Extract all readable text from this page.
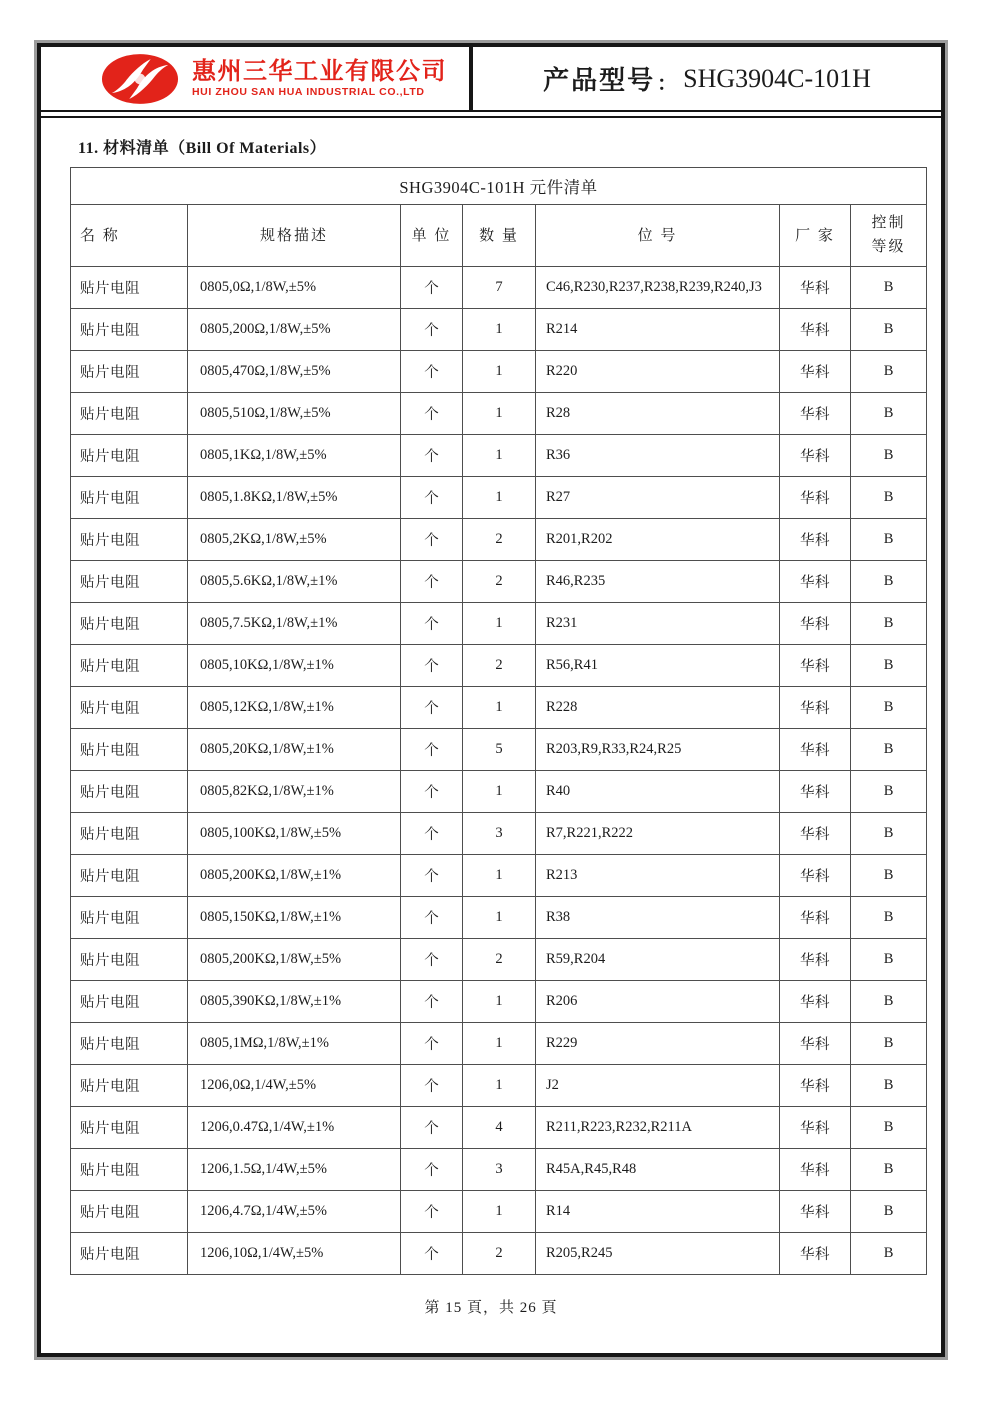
惠州三华工业有限公司
HUI ZHOU SAN HUA INDUSTRIAL CO.,LTD	产品型号 ： SHG3904C-101H
11. 材料清单（Bill Of Materials）
SHG3904C-101H 元件清单						
名 称	规格描述	单 位	数 量	位 号	厂 家	控制等级
贴片电阻	0805,0Ω,1/8W,±5%	个	7	C46,R230,R237,R238,R239,R240,J3	华科	B
贴片电阻	0805,200Ω,1/8W,±5%	个	1	R214	华科	B
贴片电阻	0805,470Ω,1/8W,±5%	个	1	R220	华科	B
贴片电阻	0805,510Ω,1/8W,±5%	个	1	R28	华科	B
贴片电阻	0805,1KΩ,1/8W,±5%	个	1	R36	华科	B
贴片电阻	0805,1.8KΩ,1/8W,±5%	个	1	R27	华科	B
贴片电阻	0805,2KΩ,1/8W,±5%	个	2	R201,R202	华科	B
贴片电阻	0805,5.6KΩ,1/8W,±1%	个	2	R46,R235	华科	B
贴片电阻	0805,7.5KΩ,1/8W,±1%	个	1	R231	华科	B
贴片电阻	0805,10KΩ,1/8W,±1%	个	2	R56,R41	华科	B
贴片电阻	0805,12KΩ,1/8W,±1%	个	1	R228	华科	B
贴片电阻	0805,20KΩ,1/8W,±1%	个	5	R203,R9,R33,R24,R25	华科	B
贴片电阻	0805,82KΩ,1/8W,±1%	个	1	R40	华科	B
贴片电阻	0805,100KΩ,1/8W,±5%	个	3	R7,R221,R222	华科	B
贴片电阻	0805,200KΩ,1/8W,±1%	个	1	R213	华科	B
贴片电阻	0805,150KΩ,1/8W,±1%	个	1	R38	华科	B
贴片电阻	0805,200KΩ,1/8W,±5%	个	2	R59,R204	华科	B
贴片电阻	0805,390KΩ,1/8W,±1%	个	1	R206	华科	B
贴片电阻	0805,1MΩ,1/8W,±1%	个	1	R229	华科	B
贴片电阻	1206,0Ω,1/4W,±5%	个	1	J2	华科	B
贴片电阻	1206,0.47Ω,1/4W,±1%	个	4	R211,R223,R232,R211A	华科	B
贴片电阻	1206,1.5Ω,1/4W,±5%	个	3	R45A,R45,R48	华科	B
贴片电阻	1206,4.7Ω,1/4W,±5%	个	1	R14	华科	B
贴片电阻	1206,10Ω,1/4W,±5%	个	2	R205,R245	华科	B
第 15 頁，共 26 頁
